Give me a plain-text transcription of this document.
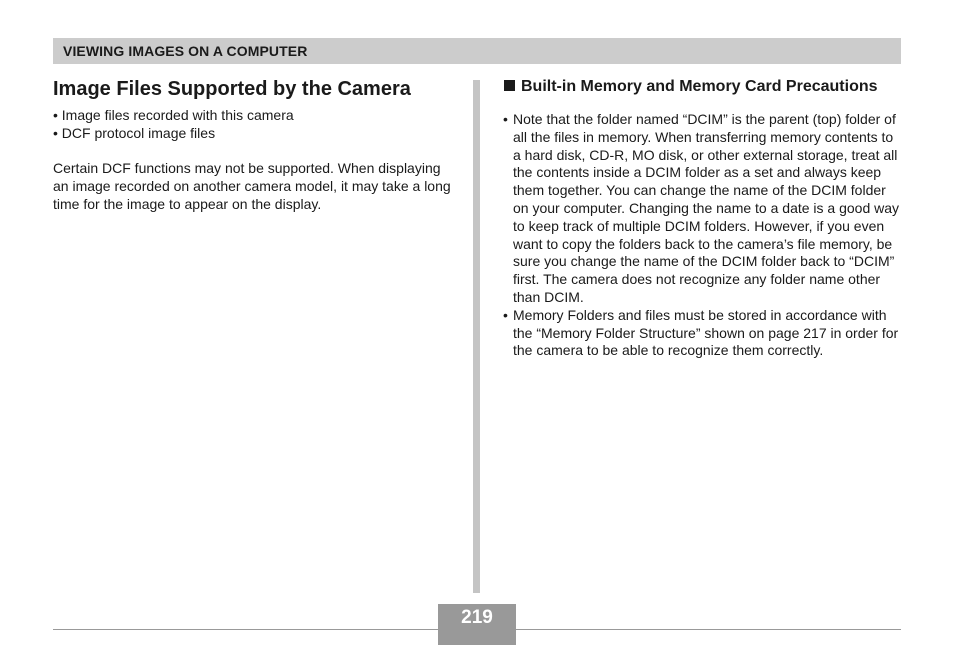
VIEWING IMAGES ON A COMPUTER
Image Files Supported by the Camera
• Image files recorded with this camera
• DCF protocol image files

Certain DCF functions may not be supported. When displaying an image recorded on another camera model, it may take a long time for the image to appear on the display.

Built-in Memory and Memory Card Precautions
• Note that the folder named “DCIM” is the parent (top) folder of all the files in memory. When transferring memory contents to a hard disk, CD-R, MO disk, or other external storage, treat all the contents inside a DCIM folder as a set and always keep them together. You can change the name of the DCIM folder on your computer. Changing the name to a date is a good way to keep track of multiple DCIM folders. However, if you even want to copy the folders back to the camera’s file memory, be sure you change the name of the DCIM folder back to “DCIM” first. The camera does not recognize any folder name other than DCIM.
• Memory Folders and files must be stored in accordance with the “Memory Folder Structure” shown on page 217 in order for the camera to be able to recognize them correctly.
219
